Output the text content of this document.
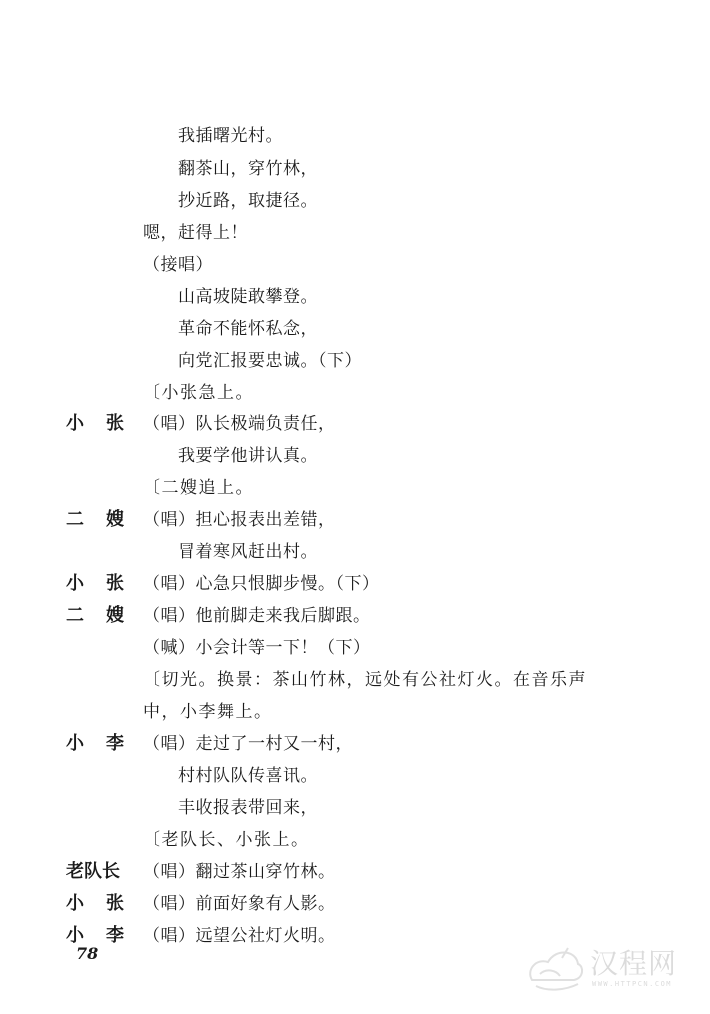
我插曙光村。
翻茶山，穿竹林，
抄近路，取捷径。
嗯，赶得上！
（接唱）
山高坡陡敢攀登。
革命不能怀私念，
向党汇报要忠诚。（下）
〔小张急上。
小张
（唱）队长极端负责任，
我要学他讲认真。
〔二嫂追上。
二嫂
（唱）担心报表出差错，
冒着寒风赶出村。
小张
（唱）心急只恨脚步慢。（下）
二嫂
（唱）他前脚走来我后脚跟。
（喊）小会计等一下！（下）
〔切光。换景：茶山竹林，远处有公社灯火。在音乐声
中，小李舞上。
小李
（唱）走过了一村又一村，
村村队队传喜讯。
丰收报表带回来，
〔老队长、小张上。
老队长 （唱）翻过茶山穿竹林。
小张
（唱）前面好象有人影。
小李
（唱）远望公社灯火明。
78	汉程网
WWW.HTTPCN.COM
